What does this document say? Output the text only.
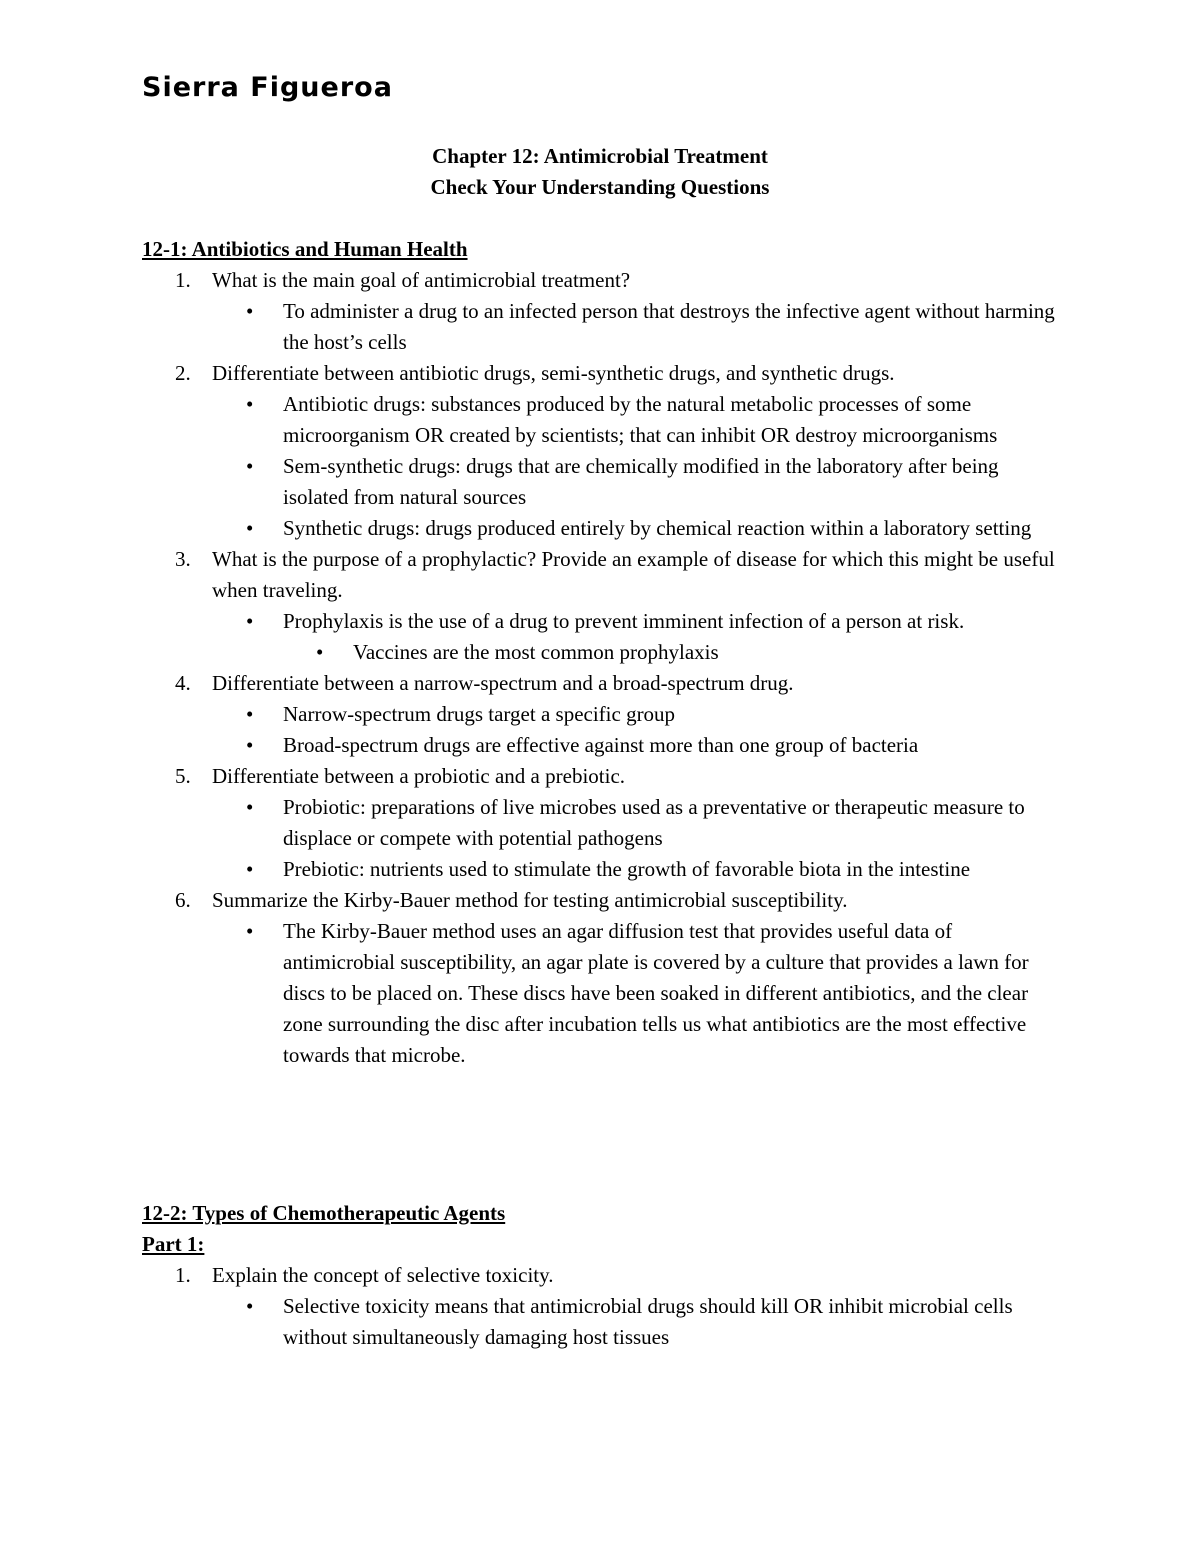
Sierra Figueroa
Chapter 12: Antimicrobial Treatment
Check Your Understanding Questions
12-1: Antibiotics and Human Health
1. What is the main goal of antimicrobial treatment?
• To administer a drug to an infected person that destroys the infective agent without harming the host’s cells
2. Differentiate between antibiotic drugs, semi-synthetic drugs, and synthetic drugs.
• Antibiotic drugs: substances produced by the natural metabolic processes of some microorganism OR created by scientists; that can inhibit OR destroy microorganisms
• Sem-synthetic drugs: drugs that are chemically modified in the laboratory after being isolated from natural sources
• Synthetic drugs: drugs produced entirely by chemical reaction within a laboratory setting
3. What is the purpose of a prophylactic? Provide an example of disease for which this might be useful when traveling.
• Prophylaxis is the use of a drug to prevent imminent infection of a person at risk.
• Vaccines are the most common prophylaxis
4. Differentiate between a narrow-spectrum and a broad-spectrum drug.
• Narrow-spectrum drugs target a specific group
• Broad-spectrum drugs are effective against more than one group of bacteria
5. Differentiate between a probiotic and a prebiotic.
• Probiotic: preparations of live microbes used as a preventative or therapeutic measure to displace or compete with potential pathogens
• Prebiotic: nutrients used to stimulate the growth of favorable biota in the intestine
6. Summarize the Kirby-Bauer method for testing antimicrobial susceptibility.
• The Kirby-Bauer method uses an agar diffusion test that provides useful data of antimicrobial susceptibility, an agar plate is covered by a culture that provides a lawn for discs to be placed on. These discs have been soaked in different antibiotics, and the clear zone surrounding the disc after incubation tells us what antibiotics are the most effective towards that microbe.
12-2: Types of Chemotherapeutic Agents
Part 1:
1. Explain the concept of selective toxicity.
• Selective toxicity means that antimicrobial drugs should kill OR inhibit microbial cells without simultaneously damaging host tissues
